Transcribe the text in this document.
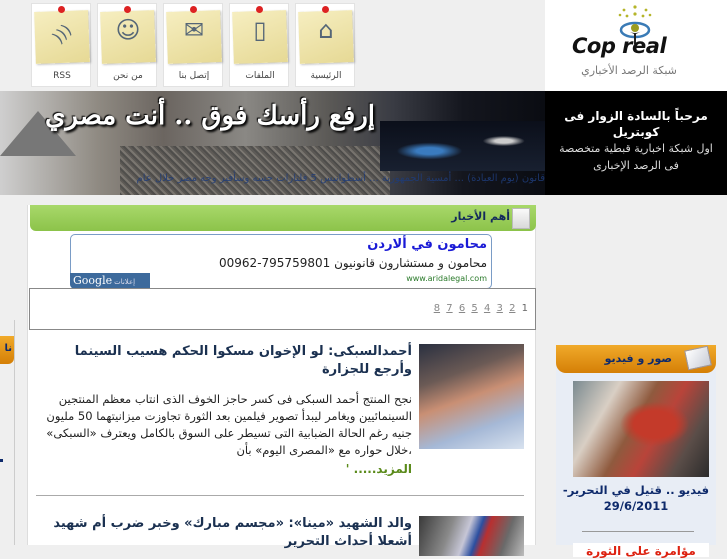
⌂
الرئيسية
▯
الملفات
✉
إتصل بنا
☺
من نحن
)))
RSS
Cop real
شبكة الرصد الأخباري
إرفع رأسك فوق .. أنت مصري
قانون (يوم العبادة) ... أمسية الجمهورية ... أسطوانيس 5 فلتارات جسه وسأفير وجه مصر خلال عام
مرحباً بالسادة الزوار فى
كوبتريل
اول شبكة اخبارية قبطية متخصصة
فى الرصد الإخبارى
نا
أهم الأخبار
محامون في ألاردن
محامون و مستشارون قانونيون 795759801-00962
www.aridalegal.com
Google إعلانات
8 7 6 5 4 3 2 1
أحمدالسبكى: لو الإخوان مسكوا الحكم هسيب السينما وأرجع للجزارة
نجح المنتج أحمد السبكى فى كسر حاجز الخوف الذى انتاب معظم المنتجين السينمائيين ويغامر ليبدأ تصوير فيلمين بعد الثورة تجاوزت ميزانيتهما 50 مليون جنيه رغم الحالة الضبابية التى تسيطر على السوق بالكامل ويعترف «السبكى» ،خلال حواره مع «المصرى اليوم» بأن
المزيد..... '
والد الشهيد «مينا»: «مجسم مبارك» وخبر ضرب أم شهيد أشعلا أحداث التحرير
صور و فيديو
فيديو .. قتيل في التحرير-
29/6/2011
مؤامرة على الثورة
